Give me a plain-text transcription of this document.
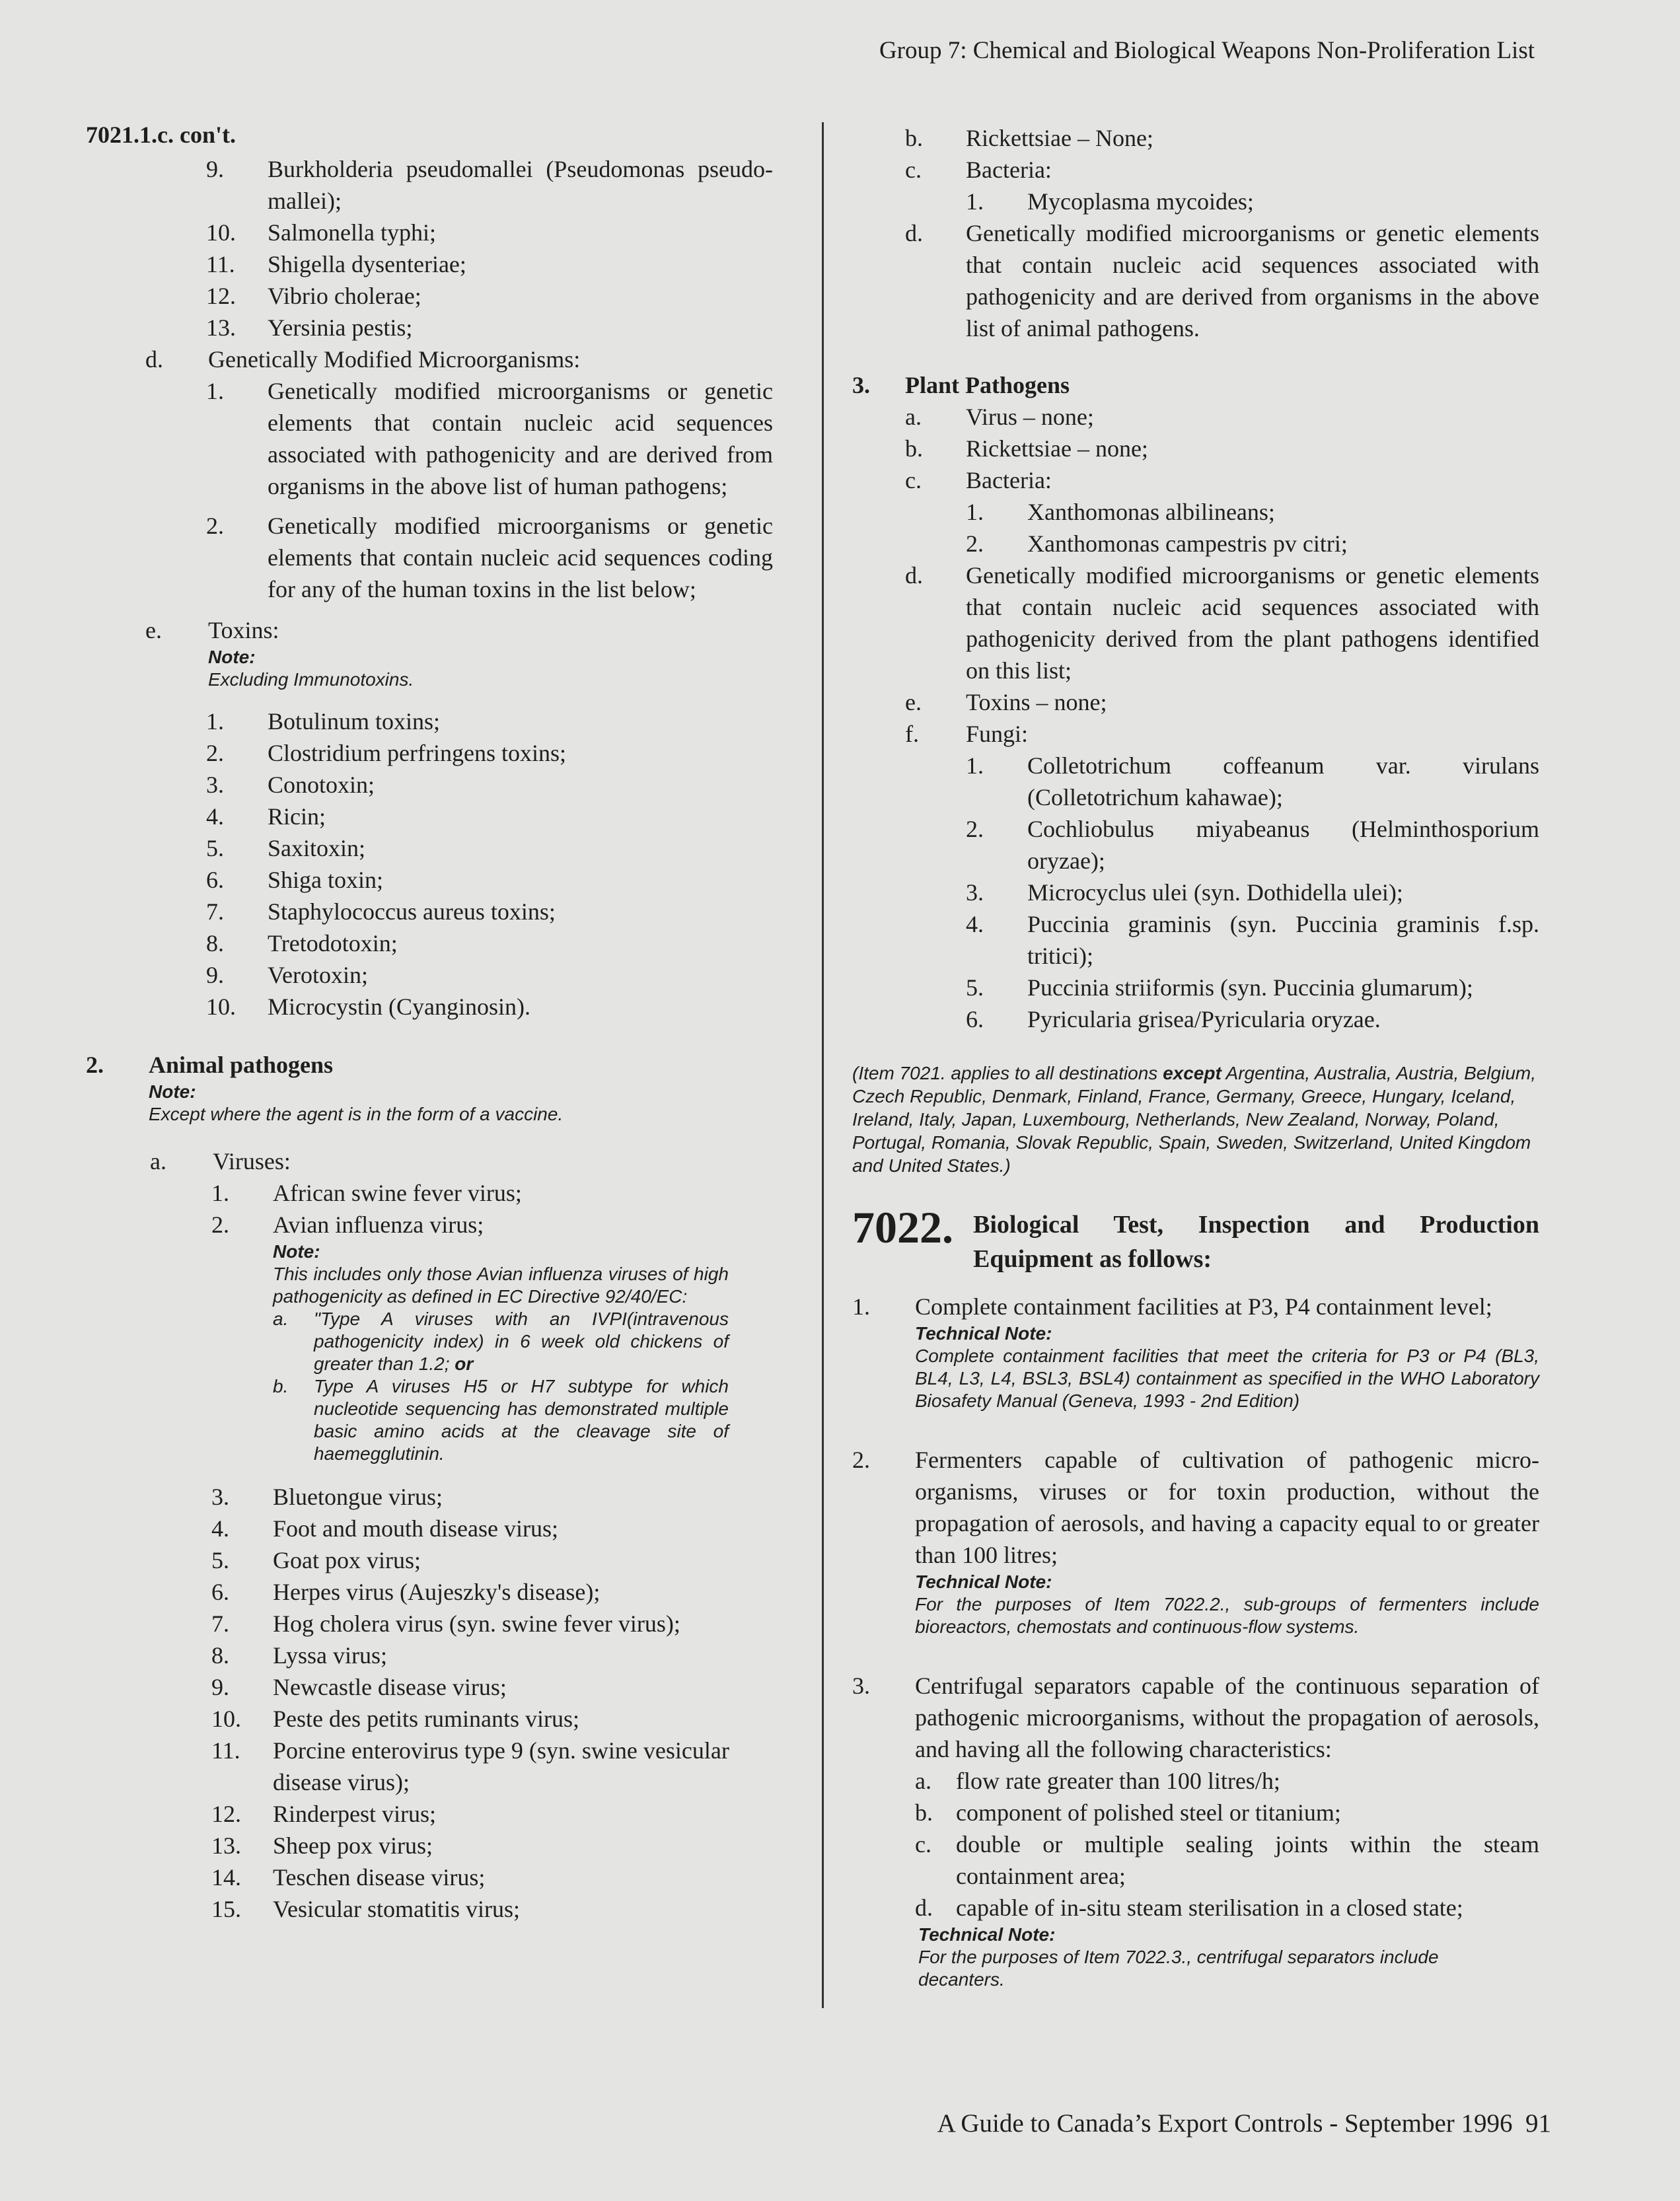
Group 7: Chemical and Biological Weapons Non-Proliferation List
7021.1.c. con't.
9.	Burkholderia pseudomallei (Pseudomonas pseudo-mallei);
10.	Salmonella typhi;
11.	Shigella dysenteriae;
12.	Vibrio cholerae;
13.	Yersinia pestis;
d.	Genetically Modified Microorganisms:
1.	Genetically modified microorganisms or genetic elements that contain nucleic acid sequences associated with pathogenicity and are derived from organisms in the above list of human pathogens;
2.	Genetically modified microorganisms or genetic elements that contain nucleic acid sequences coding for any of the human toxins in the list below;
e.	Toxins:
Note:
Excluding Immunotoxins.
1.	Botulinum toxins;
2.	Clostridium perfringens toxins;
3.	Conotoxin;
4.	Ricin;
5.	Saxitoxin;
6.	Shiga toxin;
7.	Staphylococcus aureus toxins;
8.	Tretodotoxin;
9.	Verotoxin;
10.	Microcystin (Cyanginosin).
2.	Animal pathogens
Note:
Except where the agent is in the form of a vaccine.
a.	Viruses:
1.	African swine fever virus;
2.	Avian influenza virus;
Note:
This includes only those Avian influenza viruses of high pathogenicity as defined in EC Directive 92/40/EC:
a.	"Type A viruses with an IVPI(intravenous pathogenicity index) in 6 week old chickens of greater than 1.2; or
b.	Type A viruses H5 or H7 subtype for which nucleotide sequencing has demonstrated multiple basic amino acids at the cleavage site of haemegglutinin.
3.	Bluetongue virus;
4.	Foot and mouth disease virus;
5.	Goat pox virus;
6.	Herpes virus (Aujeszky's disease);
7.	Hog cholera virus (syn. swine fever virus);
8.	Lyssa virus;
9.	Newcastle disease virus;
10.	Peste des petits ruminants virus;
11.	Porcine enterovirus type 9 (syn. swine vesicular disease virus);
12.	Rinderpest virus;
13.	Sheep pox virus;
14.	Teschen disease virus;
15.	Vesicular stomatitis virus;
b.	Rickettsiae – None;
c.	Bacteria:
1.	Mycoplasma mycoides;
d.	Genetically modified microorganisms or genetic elements that contain nucleic acid sequences associated with pathogenicity and are derived from organisms in the above list of animal pathogens.
3.	Plant Pathogens
a.	Virus – none;
b.	Rickettsiae – none;
c.	Bacteria:
1.	Xanthomonas albilineans;
2.	Xanthomonas campestris pv citri;
d.	Genetically modified microorganisms or genetic elements that contain nucleic acid sequences associated with pathogenicity derived from the plant pathogens identified on this list;
e.	Toxins – none;
f.	Fungi:
1.	Colletotrichum coffeanum var. virulans (Colletotrichum kahawae);
2.	Cochliobulus miyabeanus (Helminthosporium oryzae);
3.	Microcyclus ulei (syn. Dothidella ulei);
4.	Puccinia graminis (syn. Puccinia graminis f.sp. tritici);
5.	Puccinia striiformis (syn. Puccinia glumarum);
6.	Pyricularia grisea/Pyricularia oryzae.
(Item 7021. applies to all destinations except Argentina, Australia, Austria, Belgium, Czech Republic, Denmark, Finland, France, Germany, Greece, Hungary, Iceland, Ireland, Italy, Japan, Luxembourg, Netherlands, New Zealand, Norway, Poland, Portugal, Romania, Slovak Republic, Spain, Sweden, Switzerland, United Kingdom and United States.)
7022. Biological Test, Inspection and Production Equipment as follows:
1.	Complete containment facilities at P3, P4 containment level;
Technical Note:
Complete containment facilities that meet the criteria for P3 or P4 (BL3, BL4, L3, L4, BSL3, BSL4) containment as specified in the WHO Laboratory Biosafety Manual (Geneva, 1993 - 2nd Edition)
2.	Fermenters capable of cultivation of pathogenic micro-organisms, viruses or for toxin production, without the propagation of aerosols, and having a capacity equal to or greater than 100 litres;
Technical Note:
For the purposes of Item 7022.2., sub-groups of fermenters include bioreactors, chemostats and continuous-flow systems.
3.	Centrifugal separators capable of the continuous separation of pathogenic microorganisms, without the propagation of aerosols, and having all the following characteristics:
a.	flow rate greater than 100 litres/h;
b. component of polished steel or titanium;
c.	double or multiple sealing joints within the steam containment area;
d. capable of in-situ steam sterilisation in a closed state;
Technical Note:
For the purposes of Item 7022.3., centrifugal separators include decanters.
A Guide to Canada’s Export Controls - September 1996 91
